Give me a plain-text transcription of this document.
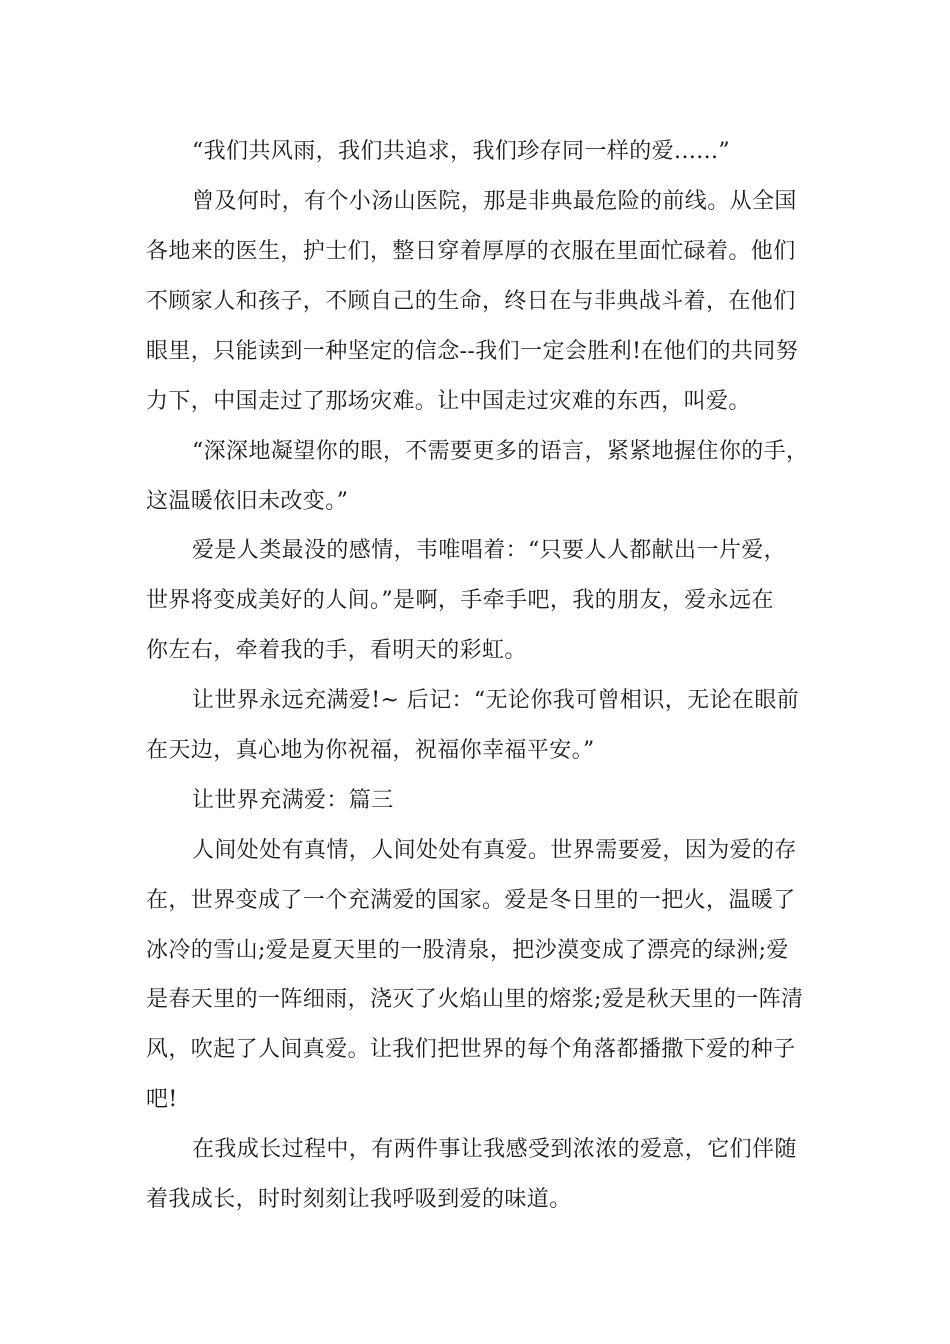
“我们共风雨，我们共追求，我们珍存同一样的爱......”
曾及何时，有个小汤山医院，那是非典最危险的前线。从全国
各地来的医生，护士们，整日穿着厚厚的衣服在里面忙碌着。他们
不顾家人和孩子，不顾自己的生命，终日在与非典战斗着，在他们
眼里，只能读到一种坚定的信念--我们一定会胜利!在他们的共同努
力下，中国走过了那场灾难。让中国走过灾难的东西，叫爱。
“深深地凝望你的眼，不需要更多的语言，紧紧地握住你的手，
这温暖依旧未改变。”
爱是人类最没的感情，韦唯唱着：“只要人人都献出一片爱，
世界将变成美好的人间。”是啊，手牵手吧，我的朋友，爱永远在
你左右，牵着我的手，看明天的彩虹。
让世界永远充满爱!~ 后记：“无论你我可曾相识，无论在眼前
在天边，真心地为你祝福，祝福你幸福平安。”
让世界充满爱：篇三
人间处处有真情，人间处处有真爱。世界需要爱，因为爱的存
在，世界变成了一个充满爱的国家。爱是冬日里的一把火，温暖了
冰冷的雪山;爱是夏天里的一股清泉，把沙漠变成了漂亮的绿洲;爱
是春天里的一阵细雨，浇灭了火焰山里的熔浆;爱是秋天里的一阵清
风，吹起了人间真爱。让我们把世界的每个角落都播撒下爱的种子
吧!
在我成长过程中，有两件事让我感受到浓浓的爱意，它们伴随
着我成长，时时刻刻让我呼吸到爱的味道。
